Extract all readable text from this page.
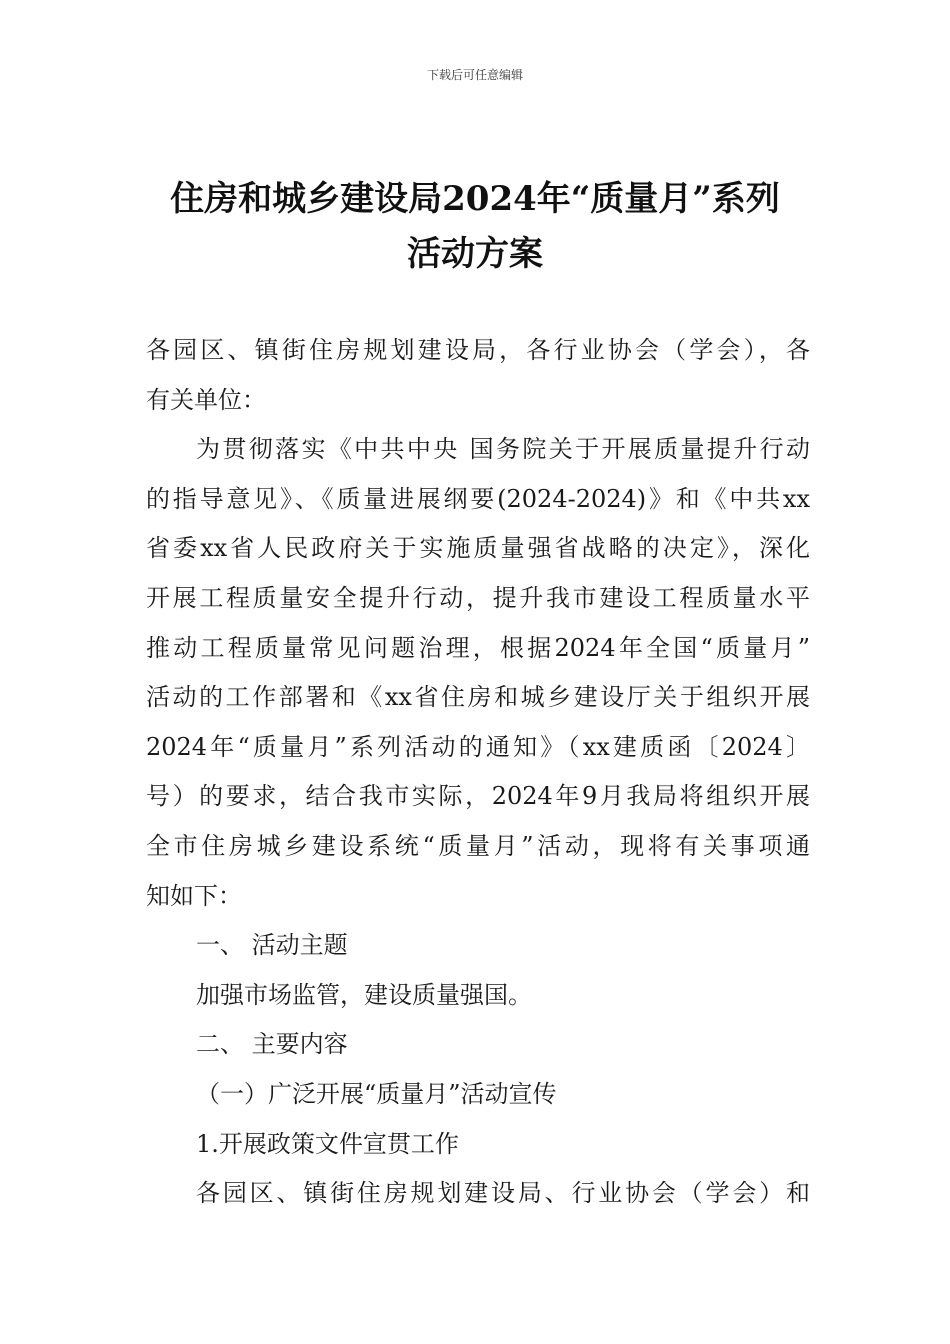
下载后可任意编辑
住房和城乡建设局2024年“质量月”系列
活动方案
各园区、镇街住房规划建设局，各行业协会（学会），各
有关单位：
为贯彻落实《中共中央 国务院关于开展质量提升行动
的指导意见》、《质量进展纲要(2024-2024)》和《中共xx
省委xx省人民政府关于实施质量强省战略的决定》，深化
开展工程质量安全提升行动，提升我市建设工程质量水平
推动工程质量常见问题治理，根据2024年全国“质量月”
活动的工作部署和《xx省住房和城乡建设厅关于组织开展
2024年“质量月”系列活动的通知》（xx建质函〔2024〕
号）的要求，结合我市实际，2024年9月我局将组织开展
全市住房城乡建设系统“质量月”活动，现将有关事项通
知如下：
一、 活动主题
加强市场监管，建设质量强国。
二、 主要内容
（一）广泛开展“质量月”活动宣传
1.开展政策文件宣贯工作
各园区、镇街住房规划建设局、行业协会（学会）和
